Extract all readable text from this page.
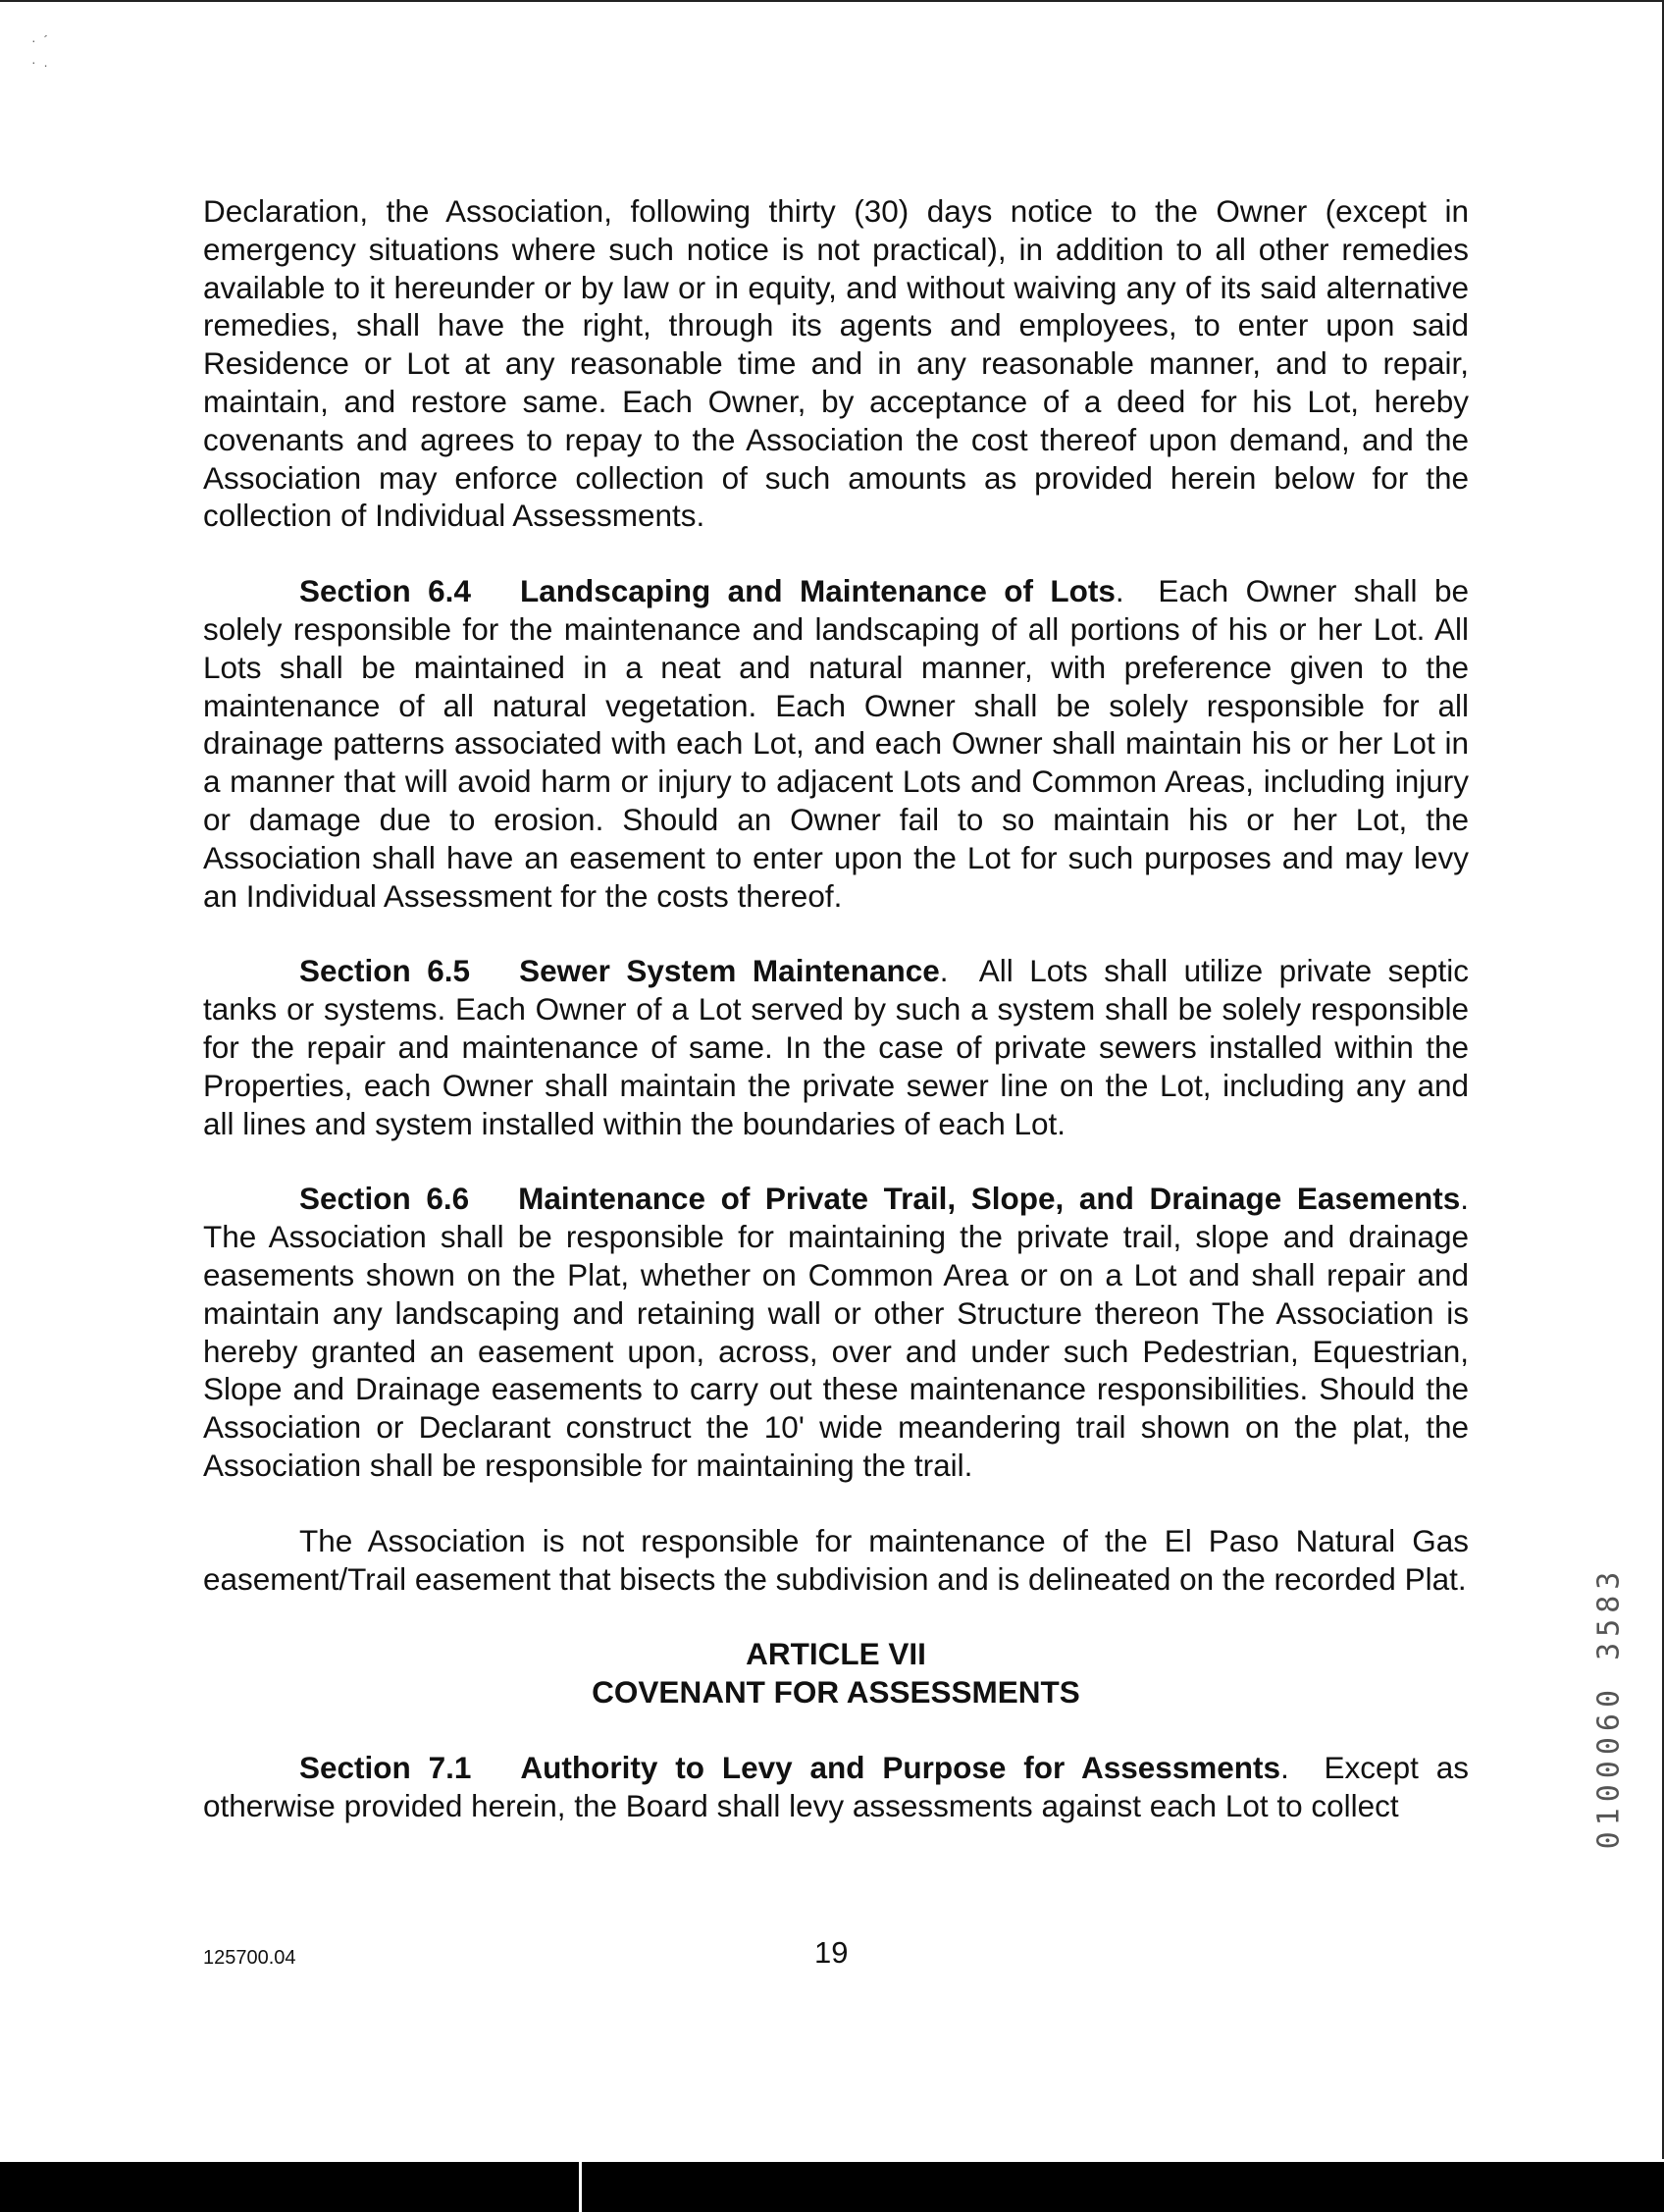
·´
·.

Declaration, the Association, following thirty (30) days notice to the Owner (except in emergency situations where such notice is not practical), in addition to all other remedies available to it hereunder or by law or in equity, and without waiving any of its said alternative remedies, shall have the right, through its agents and employees, to enter upon said Residence or Lot at any reasonable time and in any reasonable manner, and to repair, maintain, and restore same. Each Owner, by acceptance of a deed for his Lot, hereby covenants and agrees to repay to the Association the cost thereof upon demand, and the Association may enforce collection of such amounts as provided herein below for the collection of Individual Assessments.

Section 6.4 Landscaping and Maintenance of Lots.  Each Owner shall be solely responsible for the maintenance and landscaping of all portions of his or her Lot. All Lots shall be maintained in a neat and natural manner, with preference given to the maintenance of all natural vegetation. Each Owner shall be solely responsible for all drainage patterns associated with each Lot, and each Owner shall maintain his or her Lot in a manner that will avoid harm or injury to adjacent Lots and Common Areas, including injury or damage due to erosion. Should an Owner fail to so maintain his or her Lot, the Association shall have an easement to enter upon the Lot for such purposes and may levy an Individual Assessment for the costs thereof.

Section 6.5 Sewer System Maintenance.  All Lots shall utilize private septic tanks or systems. Each Owner of a Lot served by such a system shall be solely responsible for the repair and maintenance of same. In the case of private sewers installed within the Properties, each Owner shall maintain the private sewer line on the Lot, including any and all lines and system installed within the boundaries of each Lot.

Section 6.6 Maintenance of Private Trail, Slope, and Drainage Easements. The Association shall be responsible for maintaining the private trail, slope and drainage easements shown on the Plat, whether on Common Area or on a Lot and shall repair and maintain any landscaping and retaining wall or other Structure thereon The Association is hereby granted an easement upon, across, over and under such Pedestrian, Equestrian, Slope and Drainage easements to carry out these maintenance responsibilities. Should the Association or Declarant construct the 10' wide meandering trail shown on the plat, the Association shall be responsible for maintaining the trail.

The Association is not responsible for maintenance of the El Paso Natural Gas easement/Trail easement that bisects the subdivision and is delineated on the recorded Plat.

ARTICLE VII
COVENANT FOR ASSESSMENTS

Section 7.1 Authority to Levy and Purpose for Assessments.  Except as otherwise provided herein, the Board shall levy assessments against each Lot to collect

125700.04	19
0100060 3583
